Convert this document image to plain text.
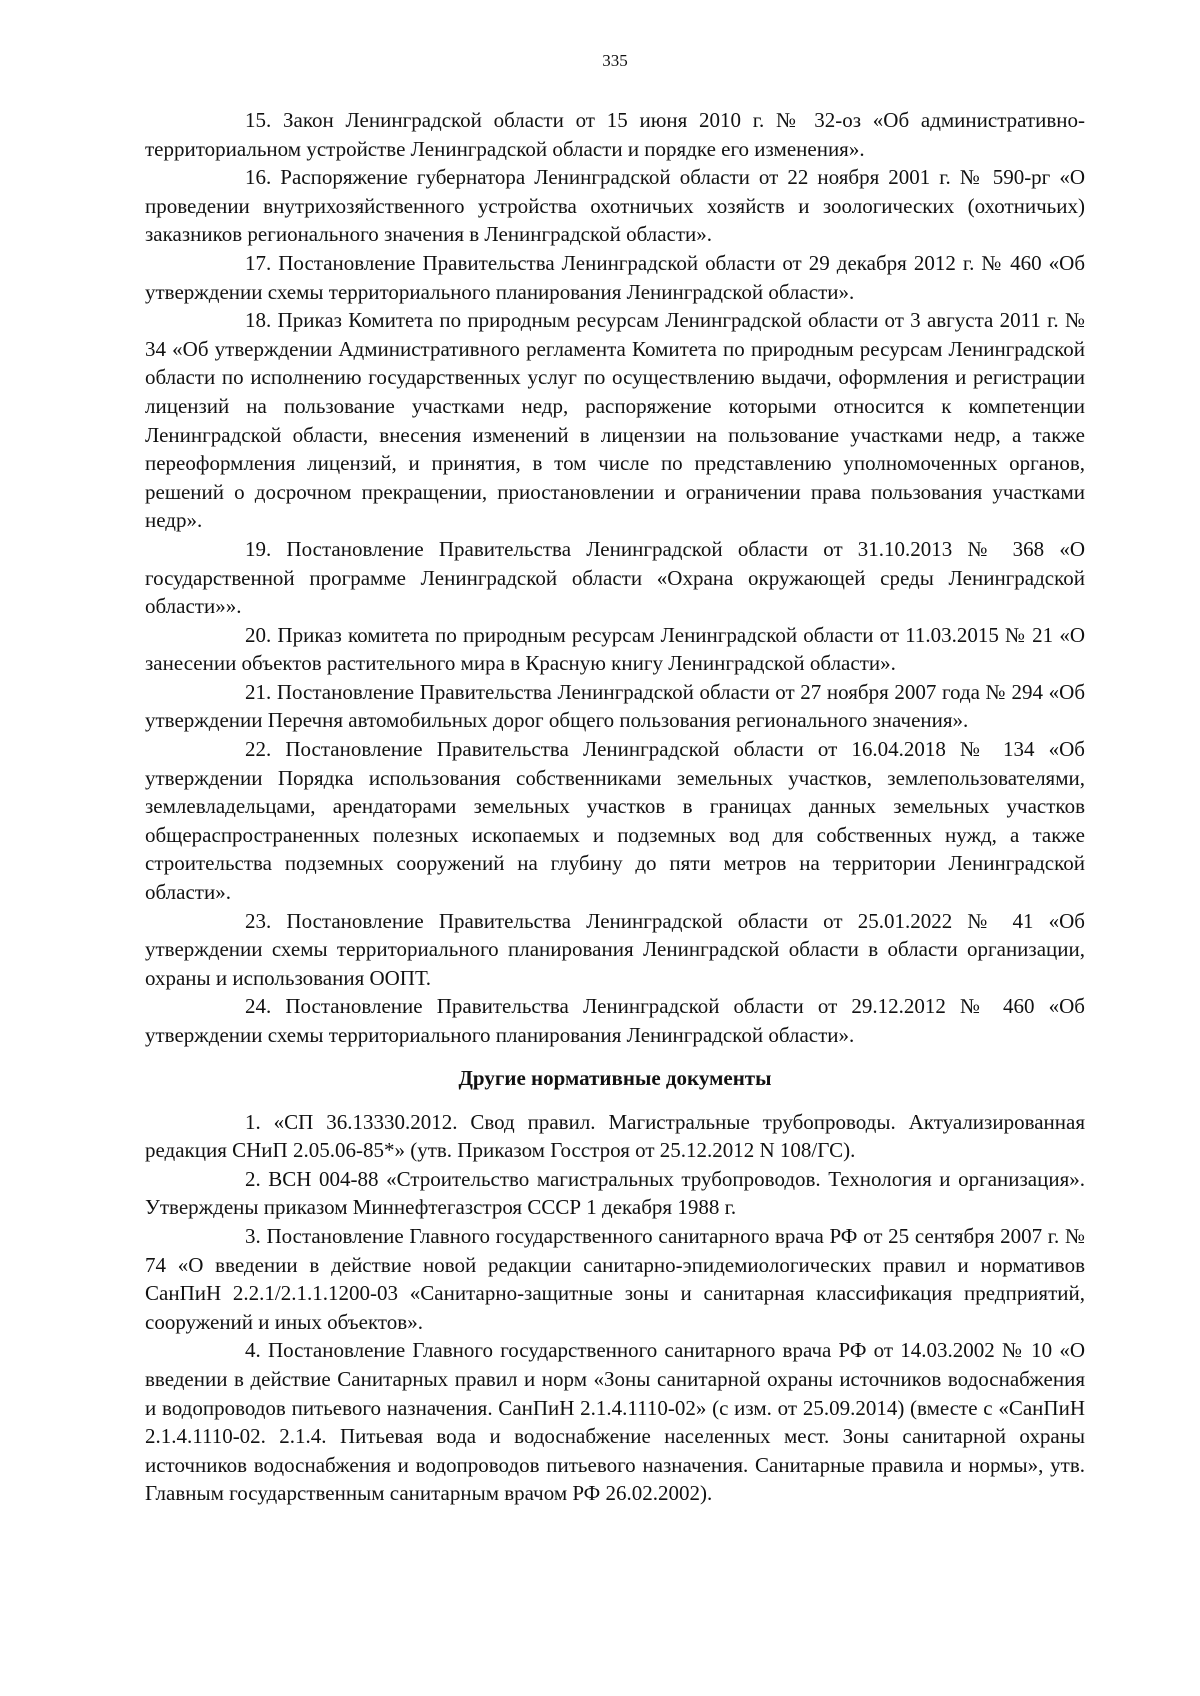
335

15. Закон Ленинградской области от 15 июня 2010 г. № 32-оз «Об административно-территориальном устройстве Ленинградской области и порядке его изменения».

16. Распоряжение губернатора Ленинградской области от 22 ноября 2001 г. № 590-рг «О проведении внутрихозяйственного устройства охотничьих хозяйств и зоологических (охотничьих) заказников регионального значения в Ленинградской области».

17. Постановление Правительства Ленинградской области от 29 декабря 2012 г. № 460 «Об утверждении схемы территориального планирования Ленинградской области».

18. Приказ Комитета по природным ресурсам Ленинградской области от 3 августа 2011 г. № 34 «Об утверждении Административного регламента Комитета по природным ресурсам Ленинградской области по исполнению государственных услуг по осуществлению выдачи, оформления и регистрации лицензий на пользование участками недр, распоряжение которыми относится к компетенции Ленинградской области, внесения изменений в лицензии на пользование участками недр, а также переоформления лицензий, и принятия, в том числе по представлению уполномоченных органов, решений о досрочном прекращении, приостановлении и ограничении права пользования участками недр».

19. Постановление Правительства Ленинградской области от 31.10.2013 № 368 «О государственной программе Ленинградской области «Охрана окружающей среды Ленинградской области»».

20. Приказ комитета по природным ресурсам Ленинградской области от 11.03.2015 № 21 «О занесении объектов растительного мира в Красную книгу Ленинградской области».

21. Постановление Правительства Ленинградской области от 27 ноября 2007 года № 294 «Об утверждении Перечня автомобильных дорог общего пользования регионального значения».

22. Постановление Правительства Ленинградской области от 16.04.2018 № 134 «Об утверждении Порядка использования собственниками земельных участков, землепользователями, землевладельцами, арендаторами земельных участков в границах данных земельных участков общераспространенных полезных ископаемых и подземных вод для собственных нужд, а также строительства подземных сооружений на глубину до пяти метров на территории Ленинградской области».

23. Постановление Правительства Ленинградской области от 25.01.2022 № 41 «Об утверждении схемы территориального планирования Ленинградской области в области организации, охраны и использования ООПТ.

24. Постановление Правительства Ленинградской области от 29.12.2012 № 460 «Об утверждении схемы территориального планирования Ленинградской области».

Другие нормативные документы

1. «СП 36.13330.2012. Свод правил. Магистральные трубопроводы. Актуализированная редакция СНиП 2.05.06-85*» (утв. Приказом Госстроя от 25.12.2012 N 108/ГС).

2. ВСН 004-88 «Строительство магистральных трубопроводов. Технология и организация». Утверждены приказом Миннефтегазстроя СССР 1 декабря 1988 г.

3. Постановление Главного государственного санитарного врача РФ от 25 сентября 2007 г. № 74 «О введении в действие новой редакции санитарно-эпидемиологических правил и нормативов СанПиН 2.2.1/2.1.1.1200-03 «Санитарно-защитные зоны и санитарная классификация предприятий, сооружений и иных объектов».

4. Постановление Главного государственного санитарного врача РФ от 14.03.2002 № 10 «О введении в действие Санитарных правил и норм «Зоны санитарной охраны источников водоснабжения и водопроводов питьевого назначения. СанПиН 2.1.4.1110-02» (с изм. от 25.09.2014) (вместе с «СанПиН 2.1.4.1110-02. 2.1.4. Питьевая вода и водоснабжение населенных мест. Зоны санитарной охраны источников водоснабжения и водопроводов питьевого назначения. Санитарные правила и нормы», утв. Главным государственным санитарным врачом РФ 26.02.2002).
